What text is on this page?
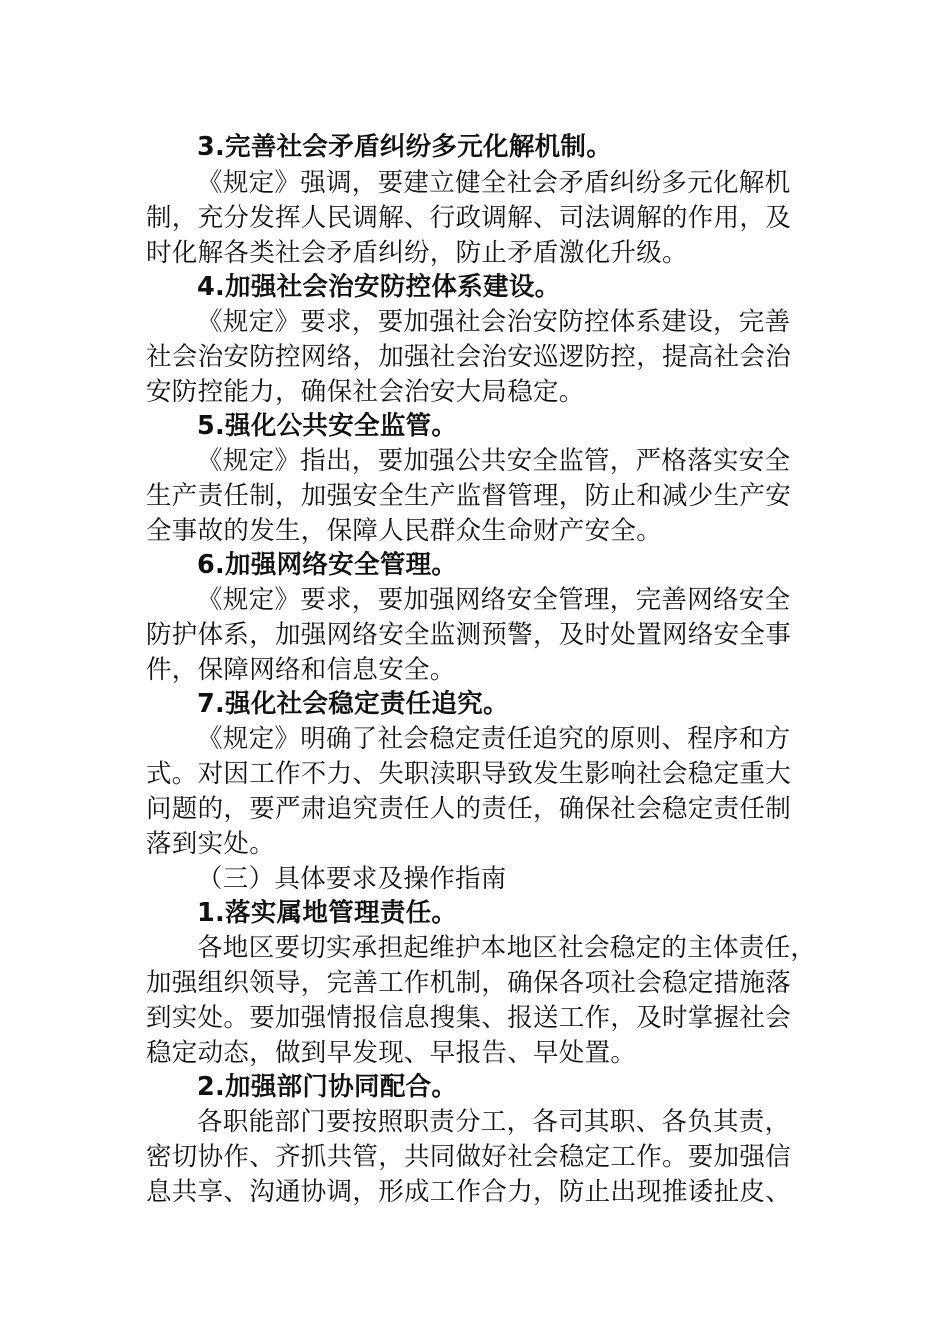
3.完善社会矛盾纠纷多元化解机制。
《规定》强调，要建立健全社会矛盾纠纷多元化解机
制，充分发挥人民调解、行政调解、司法调解的作用，及
时化解各类社会矛盾纠纷，防止矛盾激化升级。
4.加强社会治安防控体系建设。
《规定》要求，要加强社会治安防控体系建设，完善
社会治安防控网络，加强社会治安巡逻防控，提高社会治
安防控能力，确保社会治安大局稳定。
5.强化公共安全监管。
《规定》指出，要加强公共安全监管，严格落实安全
生产责任制，加强安全生产监督管理，防止和减少生产安
全事故的发生，保障人民群众生命财产安全。
6.加强网络安全管理。
《规定》要求，要加强网络安全管理，完善网络安全
防护体系，加强网络安全监测预警，及时处置网络安全事
件，保障网络和信息安全。
7.强化社会稳定责任追究。
《规定》明确了社会稳定责任追究的原则、程序和方
式。对因工作不力、失职渎职导致发生影响社会稳定重大
问题的，要严肃追究责任人的责任，确保社会稳定责任制
落到实处。
（三）具体要求及操作指南
1.落实属地管理责任。
各地区要切实承担起维护本地区社会稳定的主体责任，
加强组织领导，完善工作机制，确保各项社会稳定措施落
到实处。要加强情报信息搜集、报送工作，及时掌握社会
稳定动态，做到早发现、早报告、早处置。
2.加强部门协同配合。
各职能部门要按照职责分工，各司其职、各负其责，
密切协作、齐抓共管，共同做好社会稳定工作。要加强信
息共享、沟通协调，形成工作合力，防止出现推诿扯皮、
